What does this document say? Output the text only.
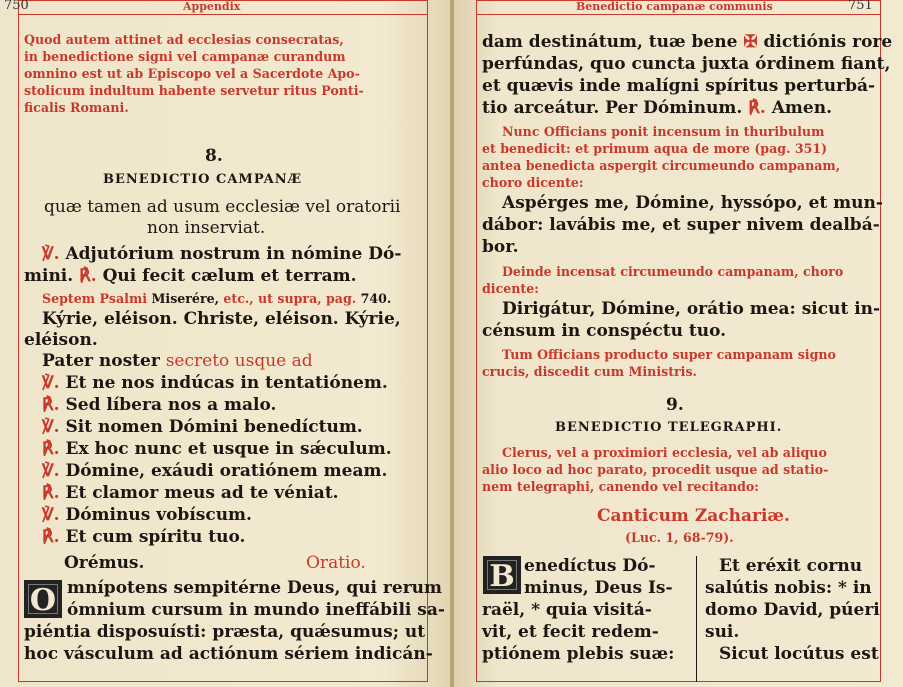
750	Appendix
Quod autem attinet ad ecclesias consecratas,
in benedictione signi vel campanæ curandum
omnino est ut ab Episcopo vel a Sacerdote Apo-
stolicum indultum habente servetur ritus Ponti-
ficalis Romani.
8.
BENEDICTIO CAMPANÆ
quæ tamen ad usum ecclesiæ vel oratorii
non inserviat.
℣. Adjutórium nostrum in nómine Dó-
mini. ℟. Qui fecit cælum et terram.
Septem Psalmi Miserére, etc., ut supra, pag. 740.
Kýrie, eléison. Christe, eléison. Kýrie,
eléison.
Pater noster secreto usque ad
℣. Et ne nos indúcas in tentatiónem.
℟. Sed líbera nos a malo.
℣. Sit nomen Dómini benedíctum.
℟. Ex hoc nunc et usque in sǽculum.
℣. Dómine, exáudi oratiónem meam.
℟. Et clamor meus ad te véniat.
℣. Dóminus vobíscum.
℟. Et cum spíritu tuo.
Orémus.	Oratio.
O mnípotens sempitérne Deus, qui rerum
ómnium cursum in mundo ineffábili sa-
piéntia disposuísti: præsta, quǽsumus; ut
hoc vásculum ad actiónum sériem indicán-
Benedictio campanæ communis	751
dam destinátum, tuæ bene ✠ dictiónis rore
perfúndas, quo cuncta juxta órdinem fiant,
et quævis inde malígni spíritus perturbá-
tio arceátur. Per Dóminum. ℟. Amen.
Nunc Officians ponit incensum in thuribulum
et benedicit: et primum aqua de more (pag. 351)
antea benedicta aspergit circumeundo campanam,
choro dicente:
Aspérges me, Dómine, hyssópo, et mun-
dábor: lavábis me, et super nivem dealbá-
bor.
Deinde incensat circumeundo campanam, choro
dicente:
Dirigátur, Dómine, orátio mea: sicut in-
cénsum in conspéctu tuo.
Tum Officians producto super campanam signo
crucis, discedit cum Ministris.
9.
BENEDICTIO TELEGRAPHI.
Clerus, vel a proximiori ecclesia, vel ab aliquo
alio loco ad hoc parato, procedit usque ad statio-
nem telegraphi, canendo vel recitando:
Canticum Zachariæ.
(Luc. 1, 68-79).
B enedíctus Dó-
minus, Deus Is-
raël, * quia visitá-
vit, et fecit redem-
ptiónem plebis suæ:
Et eréxit cornu
salútis nobis: * in
domo David, púeri
sui.
Sicut locútus est
